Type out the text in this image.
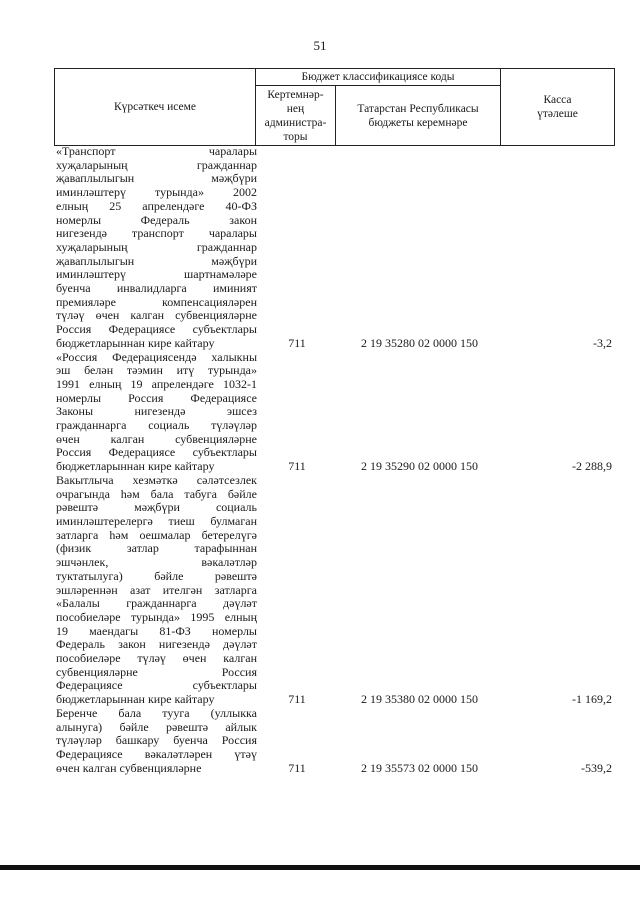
51
Күрсәткеч исеме	Бюджет классификациясе коды		Касса
үтәлеше
	Кертемнәр-
нең
администра-
торы	Татарстан Республикасы
бюджеты керемнәре	
«Транспорт чаралары
хуҗаларының гражданнар
җаваплылыгын мәҗбүри
иминләштерү турында» 2002
елның 25 апрелендәге 40-ФЗ
номерлы Федераль закон
нигезендә транспорт чаралары
хуҗаларының гражданнар
җаваплылыгын мәҗбүри
иминләштерү шартнамәләре
буенча инвалидларга иминият
премияләре компенсацияләрен
түләү өчен калган субвенцияләрне
Россия Федерациясе субъектлары
бюджетларыннан кире кайтару	711	2 19 35280 02 0000 150	-3,2
«Россия Федерациясендә халыкны
эш белән тәэмин итү турында»
1991 елның 19 апрелендәге 1032-1
номерлы Россия Федерациясе
Законы нигезендә эшсез
гражданнарга социаль түләүләр
өчен калган субвенцияләрне
Россия Федерациясе субъектлары
бюджетларыннан кире кайтару	711	2 19 35290 02 0000 150	-2 288,9
Вакытлыча хезмәткә сәләтсезлек
очрагында һәм бала табуга бәйле
рәвештә мәҗбүри социаль
иминләштерелергә тиеш булмаган
затларга һәм оешмалар бетерелүгә
(физик затлар тарафыннан
эшчәнлек, вәкаләтләр
туктатылуга) бәйле рәвештә
эшләреннән азат ителгән затларга
«Балалы гражданнарга дәүләт
пособиеләре турында» 1995 елның
19 маендагы 81-ФЗ номерлы
Федераль закон нигезендә дәүләт
пособиеләре түләү өчен калган
субвенцияләрне Россия
Федерациясе субъектлары
бюджетларыннан кире кайтару	711	2 19 35380 02 0000 150	-1 169,2
Беренче бала туугa (уллыкка
алынуга) бәйле рәвештә айлык
түләүләр башкару буенча Россия
Федерациясе вәкаләтләрен үтәү
өчен калган субвенцияләрне	711	2 19 35573 02 0000 150	-539,2
